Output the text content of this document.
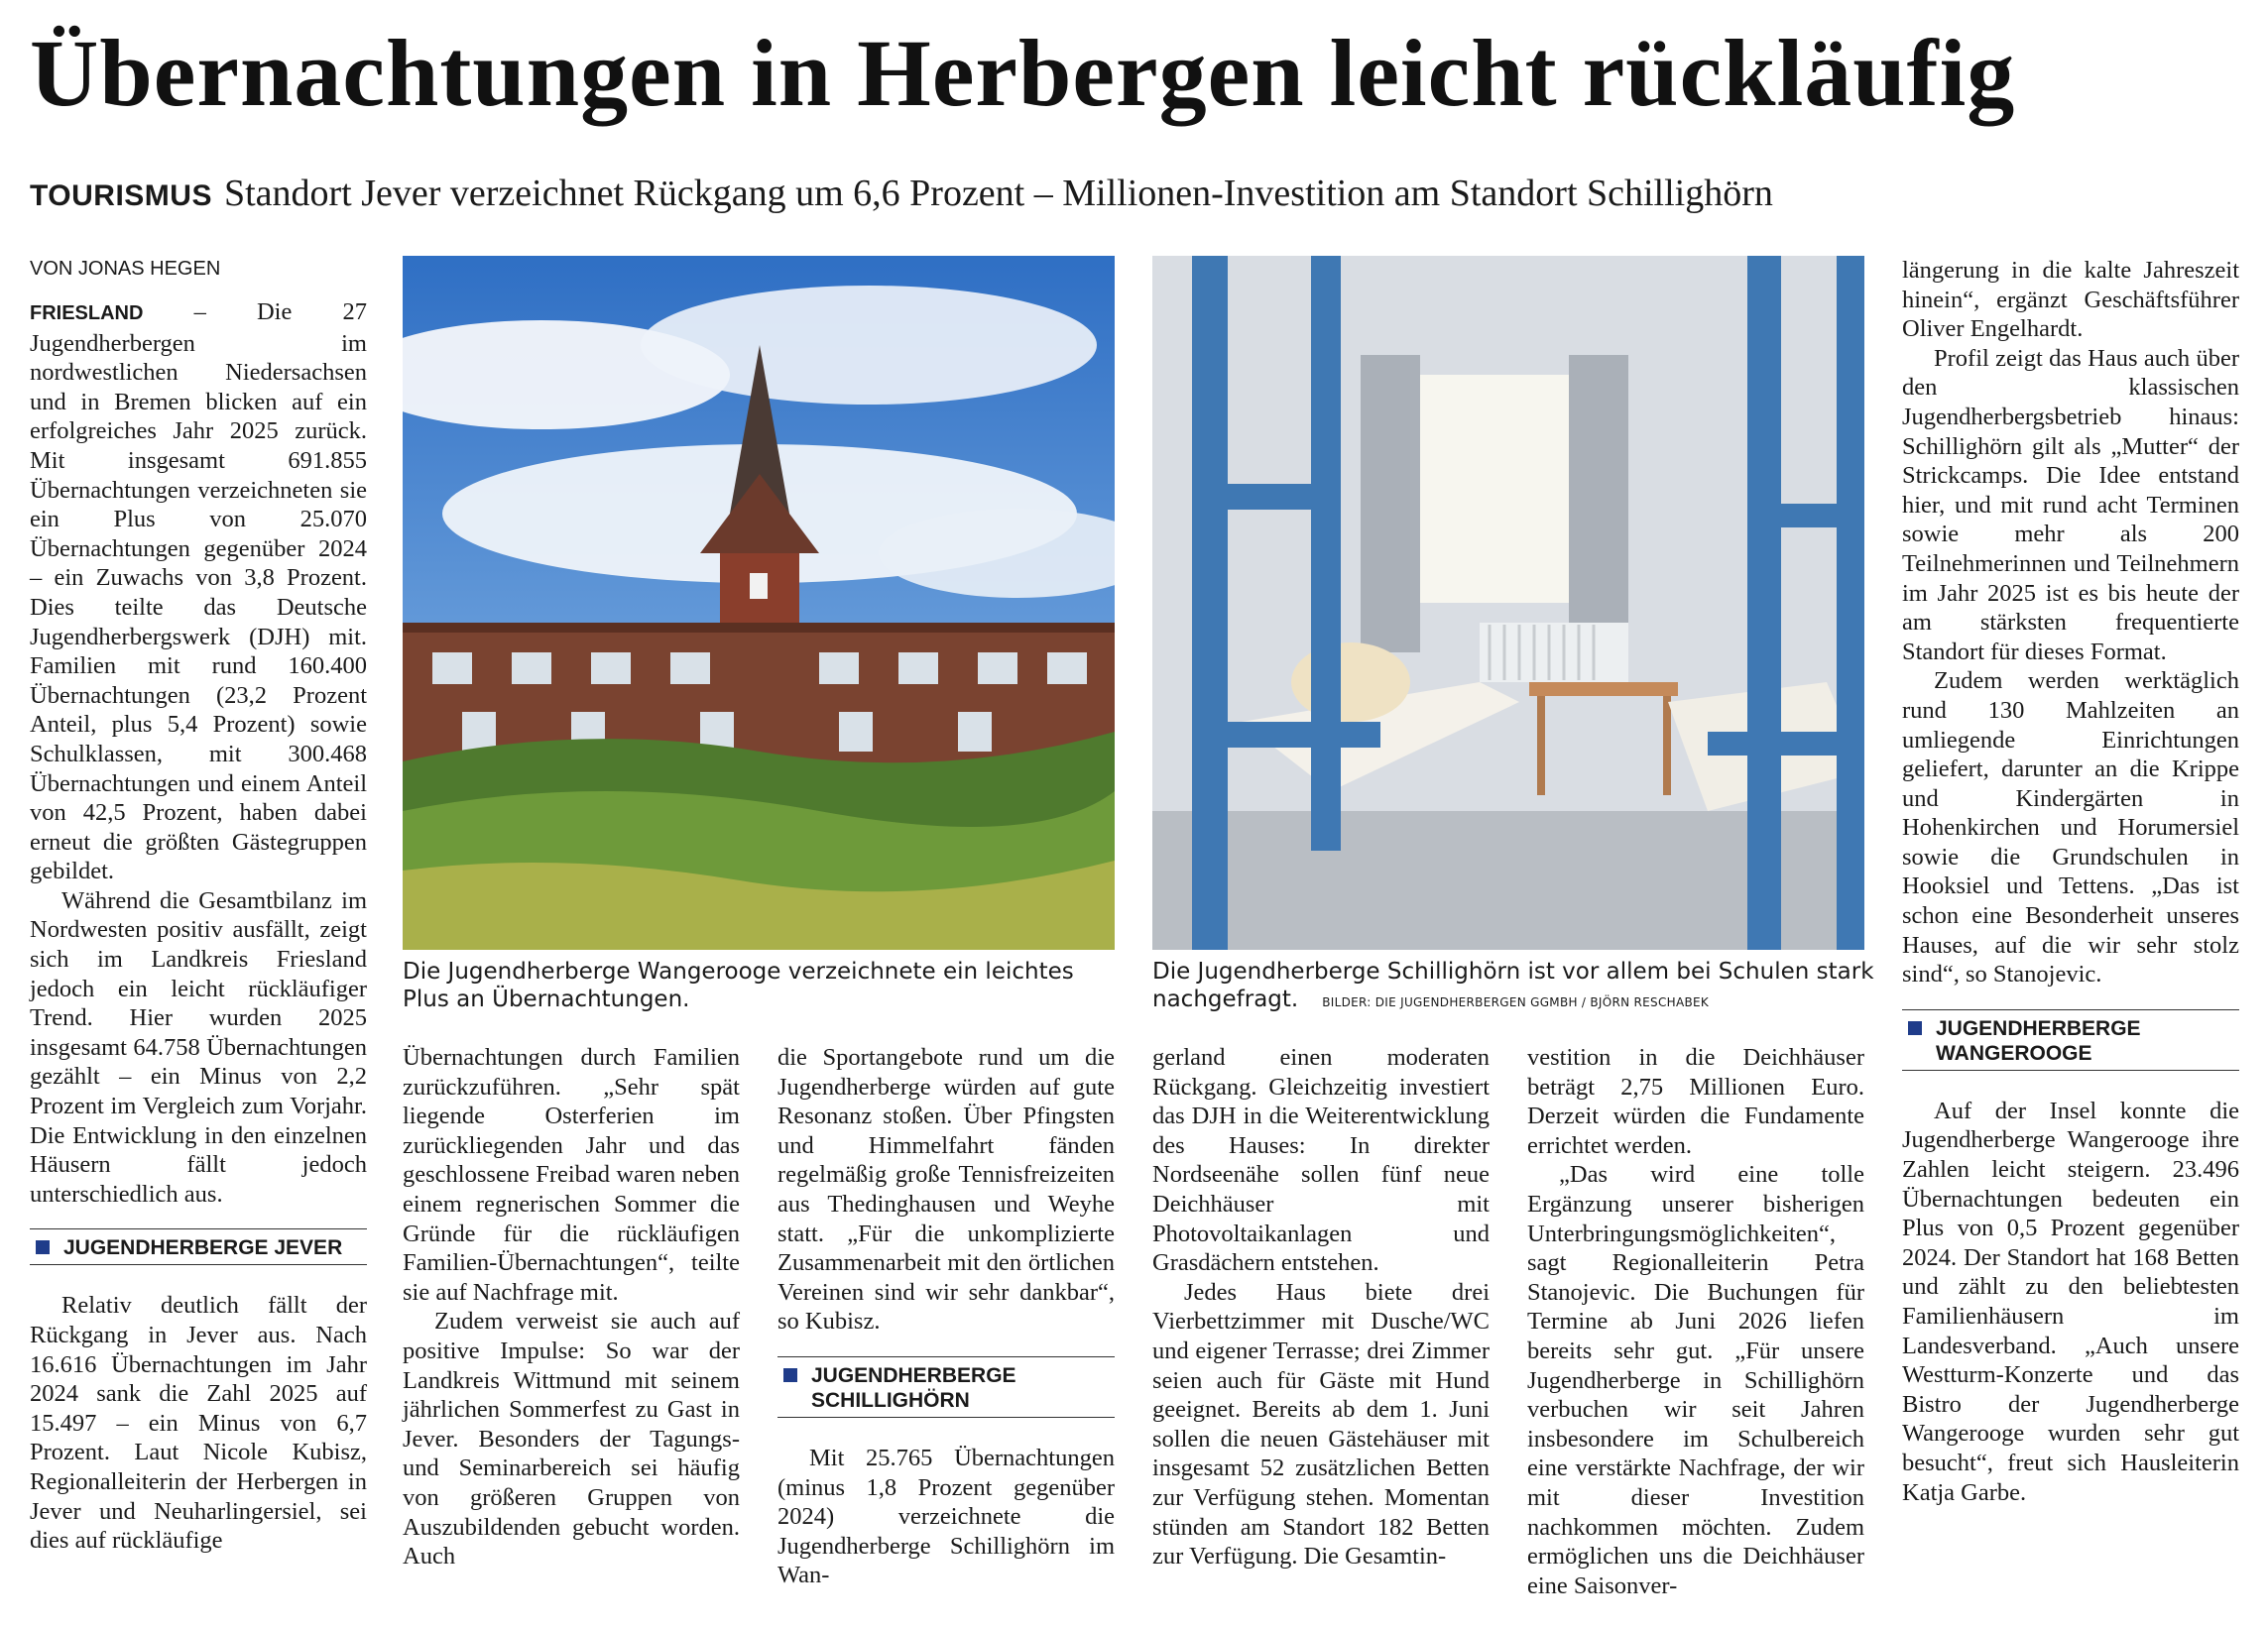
Übernachtungen in Herbergen leicht rückläufig
TOURISMUS Standort Jever verzeichnet Rückgang um 6,6 Prozent – Millionen-Investition am Standort Schillighörn
VON JONAS HEGEN

FRIESLAND – Die 27 Jugendherbergen im nordwestlichen Niedersachsen und in Bremen blicken auf ein erfolgreiches Jahr 2025 zurück. Mit insgesamt 691.855 Übernachtungen verzeichneten sie ein Plus von 25.070 Übernachtungen gegenüber 2024 – ein Zuwachs von 3,8 Prozent. Dies teilte das Deutsche Jugendherbergswerk (DJH) mit. Familien mit rund 160.400 Übernachtungen (23,2 Prozent Anteil, plus 5,4 Prozent) sowie Schulklassen, mit 300.468 Übernachtungen und einem Anteil von 42,5 Prozent, haben dabei erneut die größten Gästegruppen gebildet.

Während die Gesamtbilanz im Nordwesten positiv ausfällt, zeigt sich im Landkreis Friesland jedoch ein leicht rückläufiger Trend. Hier wurden 2025 insgesamt 64.758 Übernachtungen gezählt – ein Minus von 2,2 Prozent im Vergleich zum Vorjahr. Die Entwicklung in den einzelnen Häusern fällt jedoch unterschiedlich aus.

JUGENDHERBERGE JEVER

Relativ deutlich fällt der Rückgang in Jever aus. Nach 16.616 Übernachtungen im Jahr 2024 sank die Zahl 2025 auf 15.497 – ein Minus von 6,7 Prozent. Laut Nicole Kubisz, Regionalleiterin der Herbergen in Jever und Neuharlingersiel, sei dies auf rückläufige

Die Jugendherberge Wangerooge verzeichnete ein leichtes Plus an Übernachtungen.
Die Jugendherberge Schillighörn ist vor allem bei Schulen stark nachgefragt. BILDER: DIE JUGENDHERBERGEN GGMBH / BJÖRN RESCHABEK

Übernachtungen durch Familien zurückzuführen. „Sehr spät liegende Osterferien im zurückliegenden Jahr und das geschlossene Freibad waren neben einem regnerischen Sommer die Gründe für die rückläufigen Familien-Übernachtungen“, teilte sie auf Nachfrage mit.

Zudem verweist sie auch auf positive Impulse: So war der Landkreis Wittmund mit seinem jährlichen Sommerfest zu Gast in Jever. Besonders der Tagungs- und Seminarbereich sei häufig von größeren Gruppen von Auszubildenden gebucht worden. Auch

die Sportangebote rund um die Jugendherberge würden auf gute Resonanz stoßen. Über Pfingsten und Himmelfahrt fänden regelmäßig große Tennisfreizeiten aus Thedinghausen und Weyhe statt. „Für die unkomplizierte Zusammenarbeit mit den örtlichen Vereinen sind wir sehr dankbar“, so Kubisz.

JUGENDHERBERGE
SCHILLIGHÖRN

Mit 25.765 Übernachtungen (minus 1,8 Prozent gegenüber 2024) verzeichnete die Jugendherberge Schillighörn im Wan-

gerland einen moderaten Rückgang. Gleichzeitig investiert das DJH in die Weiterentwicklung des Hauses: In direkter Nordseenähe sollen fünf neue Deichhäuser mit Photovoltaikanlagen und Grasdächern entstehen.

Jedes Haus biete drei Vierbettzimmer mit Dusche/WC und eigener Terrasse; drei Zimmer seien auch für Gäste mit Hund geeignet. Bereits ab dem 1. Juni sollen die neuen Gästehäuser mit insgesamt 52 zusätzlichen Betten zur Verfügung stehen. Momentan stünden am Standort 182 Betten zur Verfügung. Die Gesamtin-

vestition in die Deichhäuser beträgt 2,75 Millionen Euro. Derzeit würden die Fundamente errichtet werden.

„Das wird eine tolle Ergänzung unserer bisherigen Unterbringungsmöglichkeiten“, sagt Regionalleiterin Petra Stanojevic. Die Buchungen für Termine ab Juni 2026 liefen bereits sehr gut. „Für unsere Jugendherberge in Schillighörn verbuchen wir seit Jahren insbesondere im Schulbereich eine verstärkte Nachfrage, der wir mit dieser Investition nachkommen möchten. Zudem ermöglichen uns die Deichhäuser eine Saisonver-

längerung in die kalte Jahreszeit hinein“, ergänzt Geschäftsführer Oliver Engelhardt.

Profil zeigt das Haus auch über den klassischen Jugendherbergsbetrieb hinaus: Schillighörn gilt als „Mutter“ der Strickcamps. Die Idee entstand hier, und mit rund acht Terminen sowie mehr als 200 Teilnehmerinnen und Teilnehmern im Jahr 2025 ist es bis heute der am stärksten frequentierte Standort für dieses Format.

Zudem werden werktäglich rund 130 Mahlzeiten an umliegende Einrichtungen geliefert, darunter an die Krippe und Kindergärten in Hohenkirchen und Horumersiel sowie die Grundschulen in Hooksiel und Tettens. „Das ist schon eine Besonderheit unseres Hauses, auf die wir sehr stolz sind“, so Stanojevic.

JUGENDHERBERGE
WANGEROOGE

Auf der Insel konnte die Jugendherberge Wangerooge ihre Zahlen leicht steigern. 23.496 Übernachtungen bedeuten ein Plus von 0,5 Prozent gegenüber 2024. Der Standort hat 168 Betten und zählt zu den beliebtesten Familienhäusern im Landesverband. „Auch unsere Westturm-Konzerte und das Bistro der Jugendherberge Wangerooge wurden sehr gut besucht“, freut sich Hausleiterin Katja Garbe.
